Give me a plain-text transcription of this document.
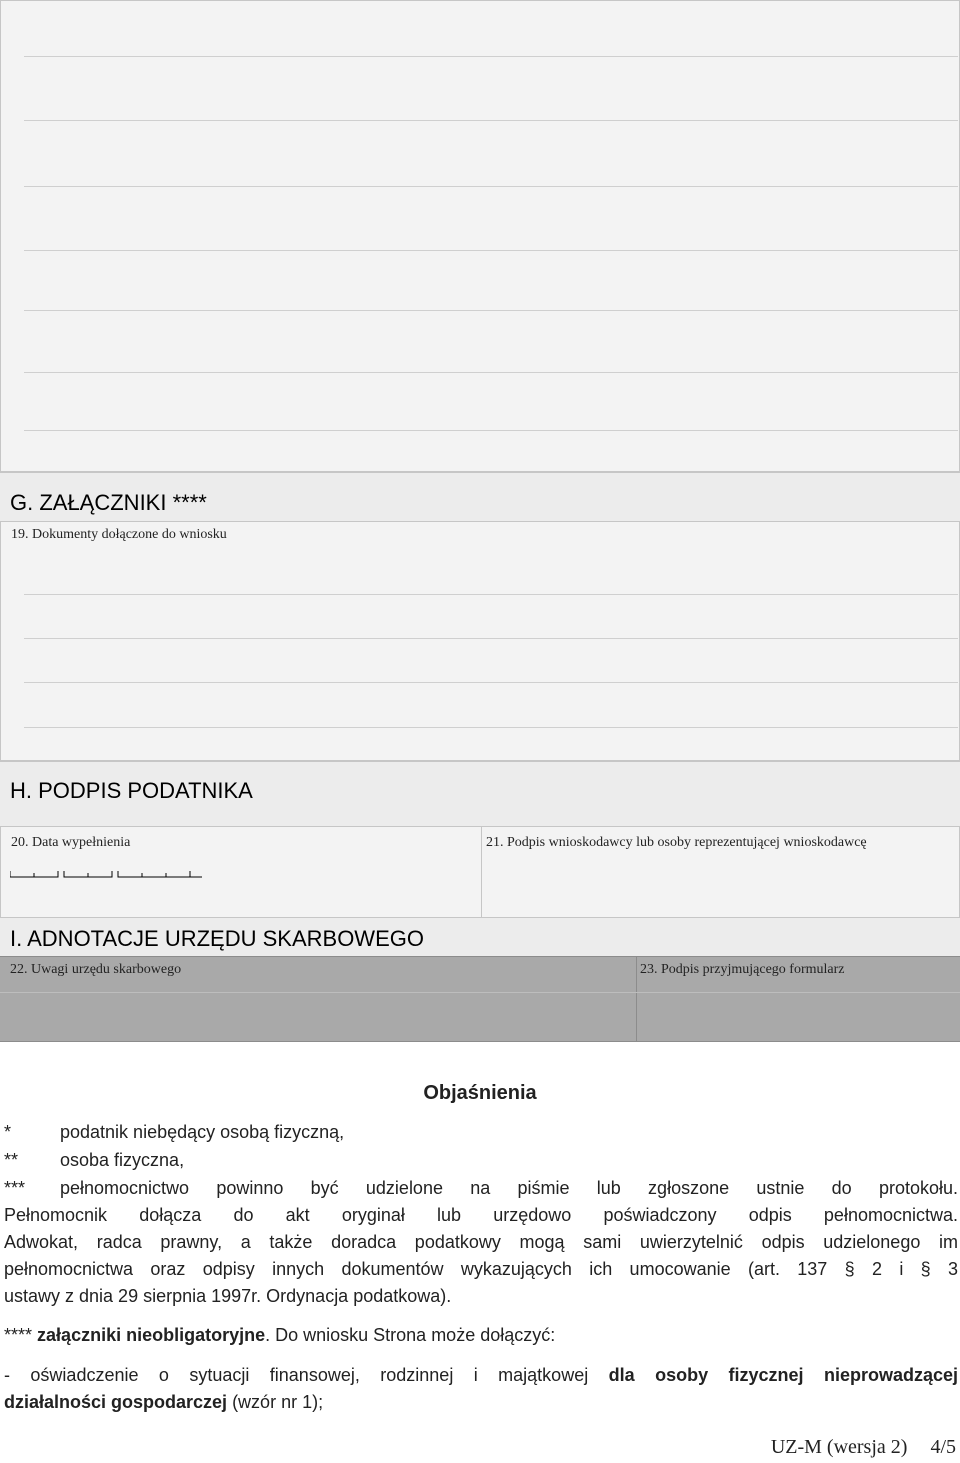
G. ZAŁĄCZNIKI ****
19. Dokumenty dołączone do wniosku
H. PODPIS PODATNIKA
20. Data wypełnienia	21. Podpis wnioskodawcy lub osoby reprezentującej wnioskodawcę
I. ADNOTACJE URZĘDU SKARBOWEGO
22. Uwagi urzędu skarbowego	23. Podpis przyjmującego formularz
Objaśnienia
*	podatnik niebędący osobą fizyczną,
** osoba fizyczna,
*** pełnomocnictwo powinno być udzielone na piśmie lub zgłoszone ustnie do protokołu.
Pełnomocnik dołącza do akt oryginał lub urzędowo poświadczony odpis pełnomocnictwa.
Adwokat, radca prawny, a także doradca podatkowy mogą sami uwierzytelnić odpis udzielonego im
pełnomocnictwa oraz odpisy innych dokumentów wykazujących ich umocowanie (art. 137 § 2 i § 3
ustawy z dnia 29 sierpnia 1997r. Ordynacja podatkowa).
**** załączniki nieobligatoryjne. Do wniosku Strona może dołączyć:
- oświadczenie o sytuacji finansowej, rodzinnej i majątkowej dla osoby fizycznej nieprowadzącej
działalności gospodarczej (wzór nr 1);
UZ-M (wersja 2) 4/5
